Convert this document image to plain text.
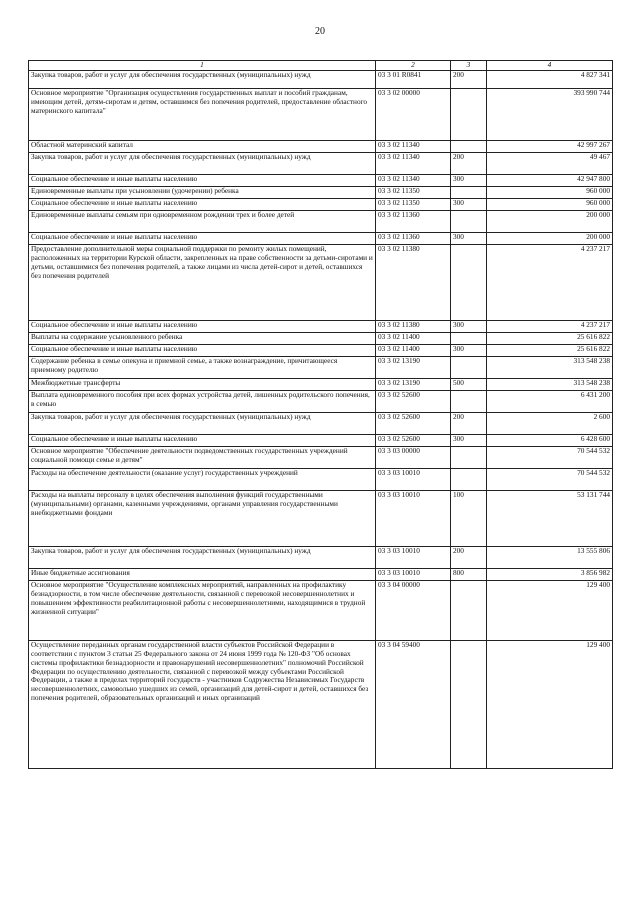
20
1	2	3	4
Закупка товаров, работ и услуг для обеспечения государственных (муниципальных) нужд	03 3 01 R0841	200	4 827 341
Основное мероприятие "Организация осуществления государственных выплат и пособий гражданам, имеющим детей, детям-сиротам и детям, оставшимся без попечения родителей, предоставление областного материнского капитала"	03 3 02 00000		393 990 744
Областной материнский капитал	03 3 02 11340		42 997 267
Закупка товаров, работ и услуг для обеспечения государственных (муниципальных) нужд	03 3 02 11340	200	49 467
Социальное обеспечение и иные выплаты населению	03 3 02 11340	300	42 947 800
Единовременные выплаты при усыновлении (удочерении) ребенка	03 3 02 11350		960 000
Социальное обеспечение и иные выплаты населению	03 3 02 11350	300	960 000
Единовременные выплаты семьям при одновременном рождении трех и более детей	03 3 02 11360		200 000
Социальное обеспечение и иные выплаты населению	03 3 02 11360	300	200 000
Предоставление дополнительной меры социальной поддержки по ремонту жилых помещений, расположенных на территории Курской области, закрепленных на праве собственности за детьми-сиротами и детьми, оставшимися без попечения родителей, а также лицами из числа детей-сирот и детей, оставшихся без попечения родителей	03 3 02 11380		4 237 217
Социальное обеспечение и иные выплаты населению	03 3 02 11380	300	4 237 217
Выплаты на содержание усыновленного ребенка	03 3 02 11400		25 616 822
Социальное обеспечение и иные выплаты населению	03 3 02 11400	300	25 616 822
Содержание ребенка в семье опекуна и приемной семье, а также вознаграждение, причитающееся приемному родителю	03 3 02 13190		313 548 238
Межбюджетные трансферты	03 3 02 13190	500	313 548 238
Выплата единовременного пособия при всех формах устройства детей, лишенных родительского попечения, в семью	03 3 02 52600		6 431 200
Закупка товаров, работ и услуг для обеспечения государственных (муниципальных) нужд	03 3 02 52600	200	2 600
Социальное обеспечение и иные выплаты населению	03 3 02 52600	300	6 428 600
Основное мероприятие "Обеспечение деятельности подведомственных государственных учреждений социальной помощи семье и детям"	03 3 03 00000		70 544 532
Расходы на обеспечение деятельности (оказание услуг) государственных учреждений	03 3 03 10010		70 544 532
Расходы на выплаты персоналу в целях обеспечения выполнения функций государственными (муниципальными) органами, казенными учреждениями, органами управления государственными внебюджетными фондами	03 3 03 10010	100	53 131 744
Закупка товаров, работ и услуг для обеспечения государственных (муниципальных) нужд	03 3 03 10010	200	13 555 806
Иные бюджетные ассигнования	03 3 03 10010	800	3 856 982
Основное мероприятие "Осуществление комплексных мероприятий, направленных на профилактику безнадзорности, в том числе обеспечение деятельности, связанной с перевозкой несовершеннолетних и повышением эффективности реабилитационной работы с несовершеннолетними, находящимися в трудной жизненной ситуации"	03 3 04 00000		129 400
Осуществление переданных органам государственной власти субъектов Российской Федерации в соответствии с пунктом 3 статьи 25 Федерального закона от 24 июня 1999 года № 120-ФЗ "Об основах системы профилактики безнадзорности и правонарушений несовершеннолетних" полномочий Российской Федерации по осуществлению деятельности, связанной с перевозкой между субъектами Российской Федерации, а также в пределах территорий государств - участников Содружества Независимых Государств несовершеннолетних, самовольно ушедших из семей, организаций для детей-сирот и детей, оставшихся без попечения родителей, образовательных организаций и иных организаций	03 3 04 59400		129 400
